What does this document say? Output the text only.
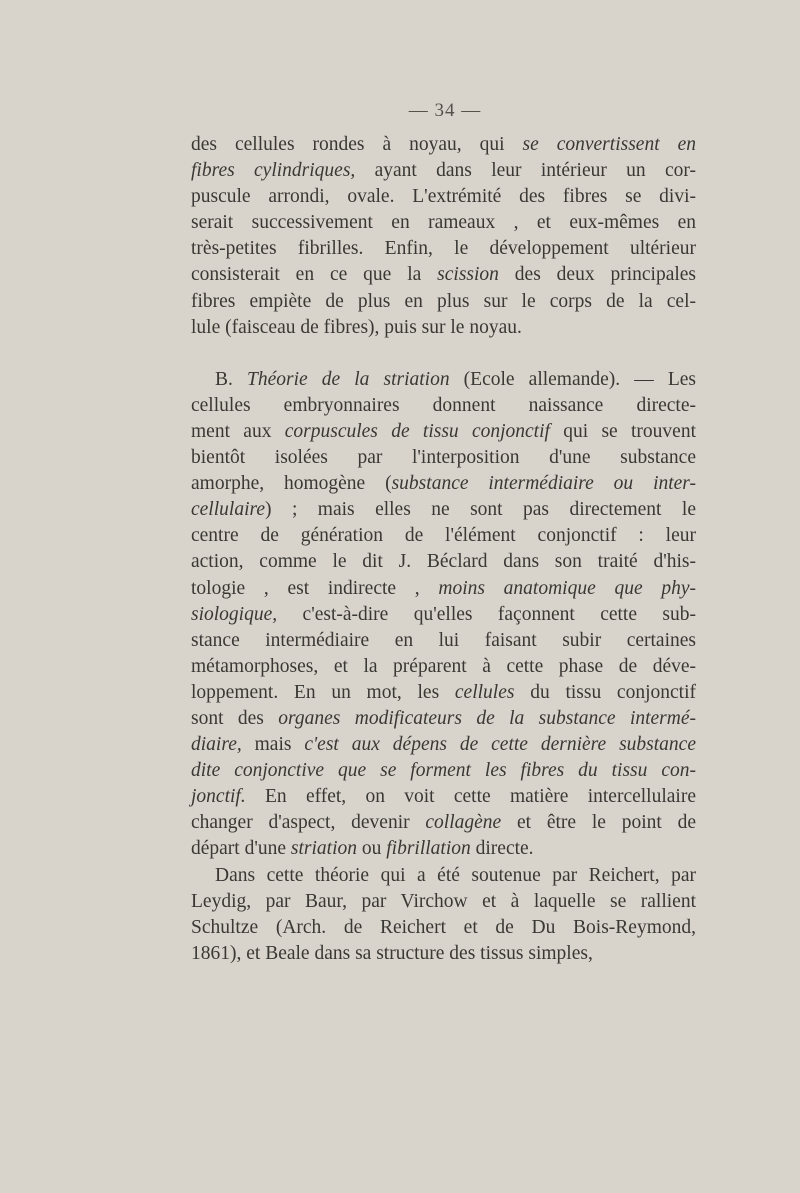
— 34 —
des cellules rondes à noyau, qui se convertissent en
fibres cylindriques, ayant dans leur intérieur un cor-
puscule arrondi, ovale. L'extrémité des fibres se divi-
serait successivement en rameaux , et eux-mêmes en
très-petites fibrilles. Enfin, le développement ultérieur
consisterait en ce que la scission des deux principales
fibres empiète de plus en plus sur le corps de la cel-
lule (faisceau de fibres), puis sur le noyau.
B. Théorie de la striation (Ecole allemande). — Les
cellules embryonnaires donnent naissance directe-
ment aux corpuscules de tissu conjonctif qui se trouvent
bientôt isolées par l'interposition d'une substance
amorphe, homogène (substance intermédiaire ou inter-
cellulaire) ; mais elles ne sont pas directement le
centre de génération de l'élément conjonctif : leur
action, comme le dit J. Béclard dans son traité d'his-
tologie , est indirecte , moins anatomique que phy-
siologique, c'est-à-dire qu'elles façonnent cette sub-
stance intermédiaire en lui faisant subir certaines
métamorphoses, et la préparent à cette phase de déve-
loppement. En un mot, les cellules du tissu conjonctif
sont des organes modificateurs de la substance intermé-
diaire, mais c'est aux dépens de cette dernière substance
dite conjonctive que se forment les fibres du tissu con-
jonctif. En effet, on voit cette matière intercellulaire
changer d'aspect, devenir collagène et être le point de
départ d'une striation ou fibrillation directe.
Dans cette théorie qui a été soutenue par Reichert, par
Leydig, par Baur, par Virchow et à laquelle se rallient
Schultze (Arch. de Reichert et de Du Bois-Reymond,
1861), et Beale dans sa structure des tissus simples,
